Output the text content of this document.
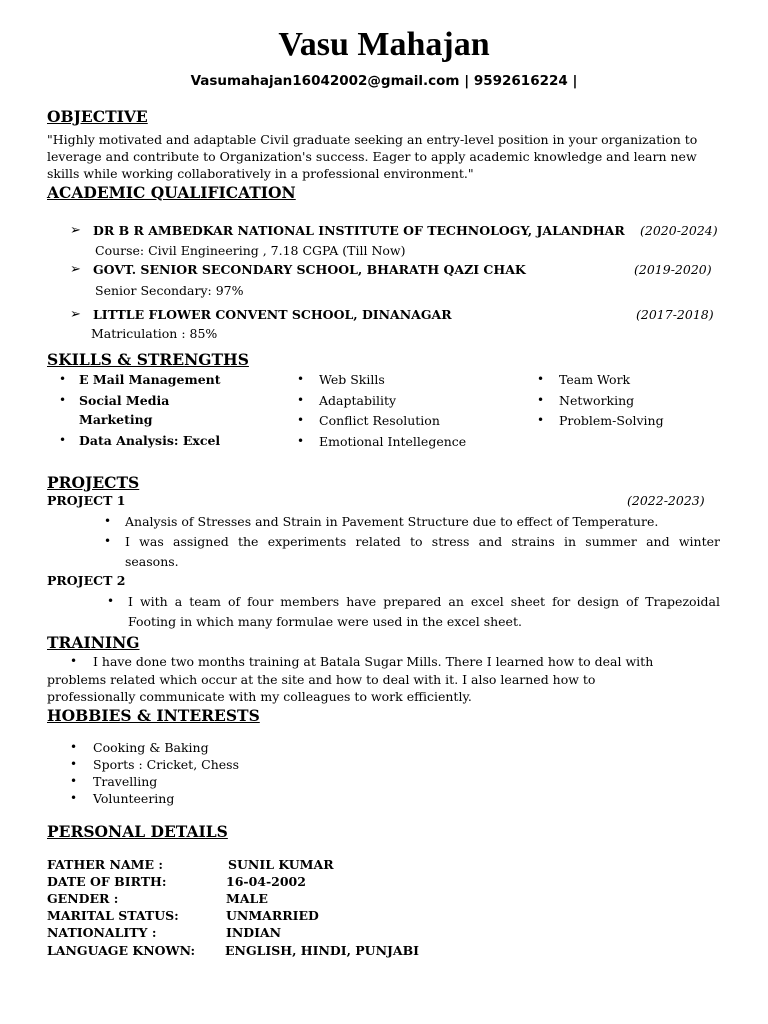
Vasu Mahajan
Vasumahajan16042002@gmail.com | 9592616224 |
OBJECTIVE
"Highly motivated and adaptable Civil graduate seeking an entry-level position in your organization to
leverage and contribute to Organization's success. Eager to apply academic knowledge and learn new
skills while working collaboratively in a professional environment."
ACADEMIC QUALIFICATION
➢ DR B R AMBEDKAR NATIONAL INSTITUTE OF TECHNOLOGY, JALANDHAR (2020-2024)
Course: Civil Engineering , 7.18 CGPA (Till Now)
➢ GOVT. SENIOR SECONDARY SCHOOL, BHARATH QAZI CHAK	(2019-2020)
Senior Secondary: 97%
➢ LITTLE FLOWER CONVENT SCHOOL, DINANAGAR	(2017-2018)
Matriculation : 85%
SKILLS & STRENGTHS
• E Mail Management
• Social Media
Marketing
• Data Analysis: Excel
• Web Skills
• Adaptability
• Conflict Resolution
• Emotional Intellegence
• Team Work
• Networking
• Problem-Solving
PROJECTS
PROJECT 1	(2022-2023)
• Analysis of Stresses and Strain in Pavement Structure due to effect of Temperature.
• I was assigned the experiments related to stress and strains in summer and winter
seasons.
PROJECT 2
• I with a team of four members have prepared an excel sheet for design of Trapezoidal
Footing in which many formulae were used in the excel sheet.
TRAINING
• I have done two months training at Batala Sugar Mills. There I learned how to deal with
problems related which occur at the site and how to deal with it. I also learned how to
professionally communicate with my colleagues to work efficiently.
HOBBIES & INTERESTS
• Cooking & Baking
• Sports : Cricket, Chess
• Travelling
• Volunteering
PERSONAL DETAILS
FATHER NAME :	SUNIL KUMAR
DATE OF BIRTH:	16-04-2002
GENDER :	MALE
MARITAL STATUS:	UNMARRIED
NATIONALITY :	INDIAN
LANGUAGE KNOWN: ENGLISH, HINDI, PUNJABI
